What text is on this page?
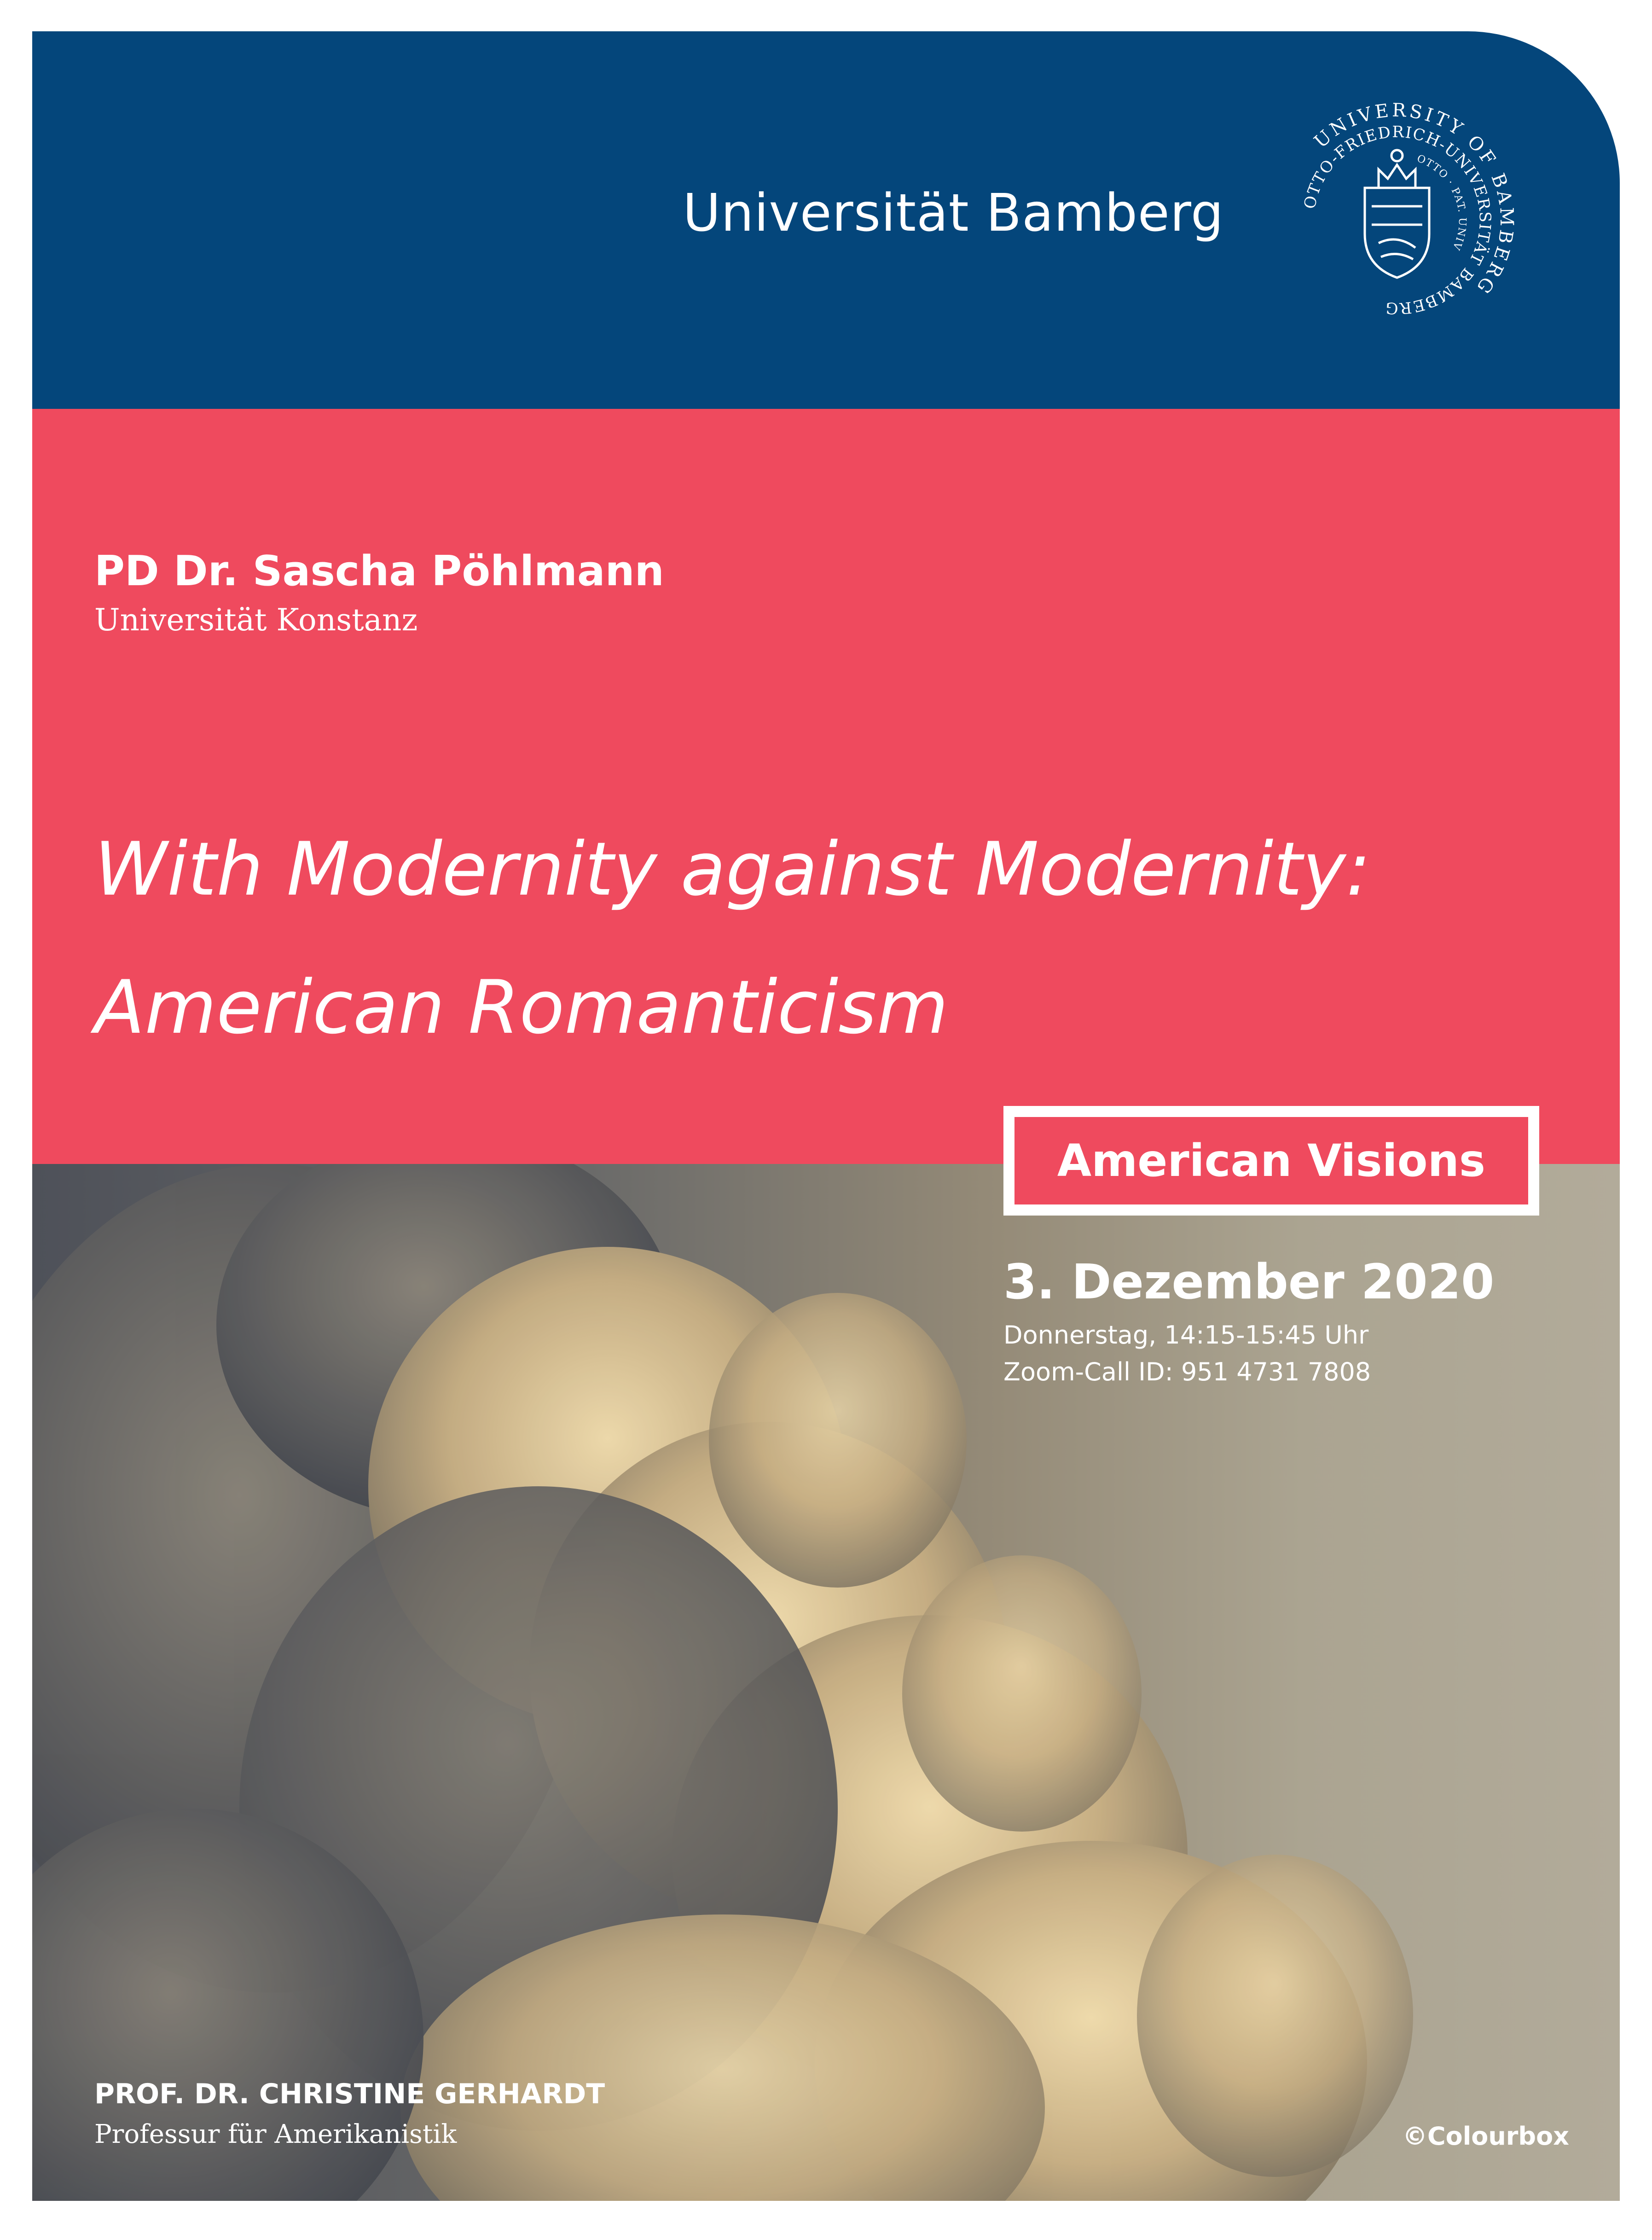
Universität Bamberg
UNIVERSITY OF BAMBERG
OTTO-FRIEDRICH-UNIVERSITÄT BAMBERG
OTTO · PAT. UNIV
PD Dr. Sascha Pöhlmann
Universität Konstanz
With Modernity against Modernity:
American Romanticism
American Visions
3. Dezember 2020
Donnerstag, 14:15-15:45 Uhr
Zoom-Call ID: 951 4731 7808
PROF. DR. CHRISTINE GERHARDT
Professur für Amerikanistik	©Colourbox
